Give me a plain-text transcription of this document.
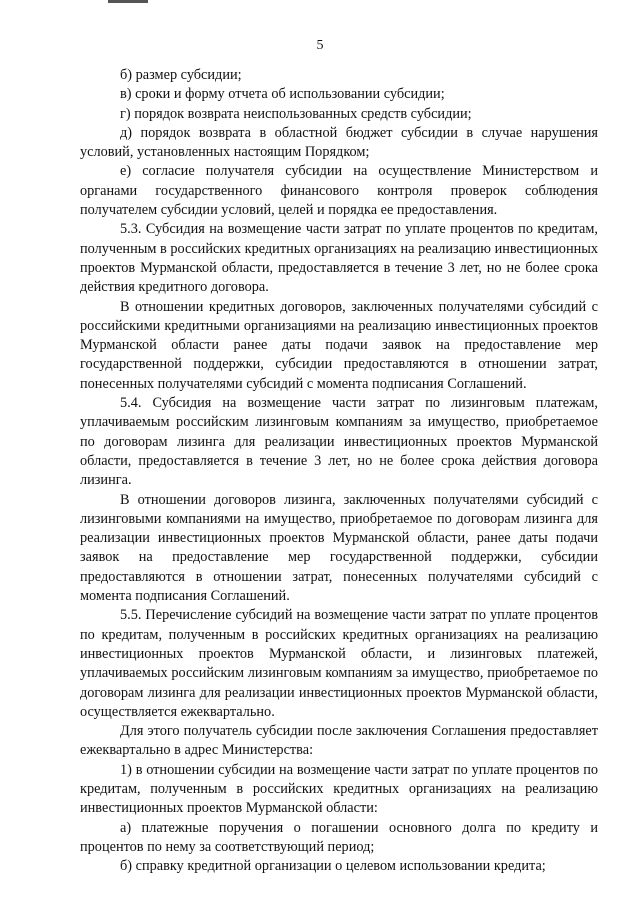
5

б) размер субсидии;

в) сроки и форму отчета об использовании субсидии;

г) порядок возврата неиспользованных средств субсидии;

д) порядок возврата в областной бюджет субсидии в случае нарушения условий, установленных настоящим Порядком;

е) согласие получателя субсидии на осуществление Министерством и органами государственного финансового контроля проверок соблюдения получателем субсидии условий, целей и порядка ее предоставления.

5.3. Субсидия на возмещение части затрат по уплате процентов по кредитам, полученным в российских кредитных организациях на реализацию инвестиционных проектов Мурманской области, предоставляется в течение 3 лет, но не более срока действия кредитного договора.

В отношении кредитных договоров, заключенных получателями субсидий с российскими кредитными организациями на реализацию инвестиционных проектов Мурманской области ранее даты подачи заявок на предоставление мер государственной поддержки, субсидии предоставляются в отношении затрат, понесенных получателями субсидий с момента подписания Соглашений.

5.4. Субсидия на возмещение части затрат по лизинговым платежам, уплачиваемым российским лизинговым компаниям за имущество, приобретаемое по договорам лизинга для реализации инвестиционных проектов Мурманской области, предоставляется в течение 3 лет, но не более срока действия договора лизинга.

В отношении договоров лизинга, заключенных получателями субсидий с лизинговыми компаниями на имущество, приобретаемое по договорам лизинга для реализации инвестиционных проектов Мурманской области, ранее даты подачи заявок на предоставление мер государственной поддержки, субсидии предоставляются в отношении затрат, понесенных получателями субсидий с момента подписания Соглашений.

5.5. Перечисление субсидий на возмещение части затрат по уплате процентов по кредитам, полученным в российских кредитных организациях на реализацию инвестиционных проектов Мурманской области, и лизинговых платежей, уплачиваемых российским лизинговым компаниям за имущество, приобретаемое по договорам лизинга для реализации инвестиционных проектов Мурманской области, осуществляется ежеквартально.

Для этого получатель субсидии после заключения Соглашения предоставляет ежеквартально в адрес Министерства:

1) в отношении субсидии на возмещение части затрат по уплате процентов по кредитам, полученным в российских кредитных организациях на реализацию инвестиционных проектов Мурманской области:

а) платежные поручения о погашении основного долга по кредиту и процентов по нему за соответствующий период;

б) справку кредитной организации о целевом использовании кредита;
